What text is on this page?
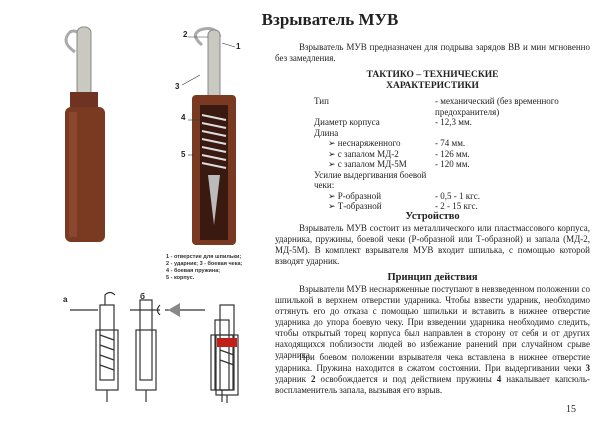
Взрыватель МУВ
2
1
3
4
5
1 - отверстие для шпильки;
2 - ударник; 3 - боевая чека;
4 - боевая пружина;
5 - корпус.
а	б
Взрыватель МУВ предназначен для подрыва зарядов ВВ и мин мгновенно без замедления.
ТАКТИКО – ТЕХНИЧЕСКИЕ
ХАРАКТЕРИСТИКИ
Тип	- механический (без временного предохранителя)
Диаметр корпуса	- 12,3 мм.
Длина	
➢ неснаряженного	- 74 мм.
➢ с запалом МД-2	- 126 мм.
➢ с запалом МД-5М	- 120 мм.
Усилие выдергивания боевой чеки:	
➢ Р-образной	- 0,5 - 1 кгс.
➢ Т-образной	- 2 - 15 кгс.
Устройство
Взрыватель МУВ состоит из металлического или пластмассового корпуса, ударника, пружины, боевой чеки (Р-образной или Т-образной) и запала (МД-2, МД-5М). В комплект взрывателя МУВ входит шпилька, с помощью которой взводят ударник.
Принцип действия
Взрыватели МУВ неснаряженные поступают в невзведенном положении со шпилькой в верхнем отверстии ударника. Чтобы взвести ударник, необходимо оттянуть его до отказа с помощью шпильки и вставить в нижнее отверстие ударника до упора боевую чеку. При взведении ударника необходимо следить, чтобы открытый торец корпуса был направлен в сторону от себя и от других находящихся поблизости людей во избежание ранений при случайном срыве ударника.
При боевом положении взрывателя чека вставлена в нижнее отверстие ударника. Пружина находится в сжатом состоянии. При выдергивании чеки 3 ударник 2 освобождается и под действием пружины 4 накалывает капсюль-воспламенитель запала, вызывая его взрыв.
15
